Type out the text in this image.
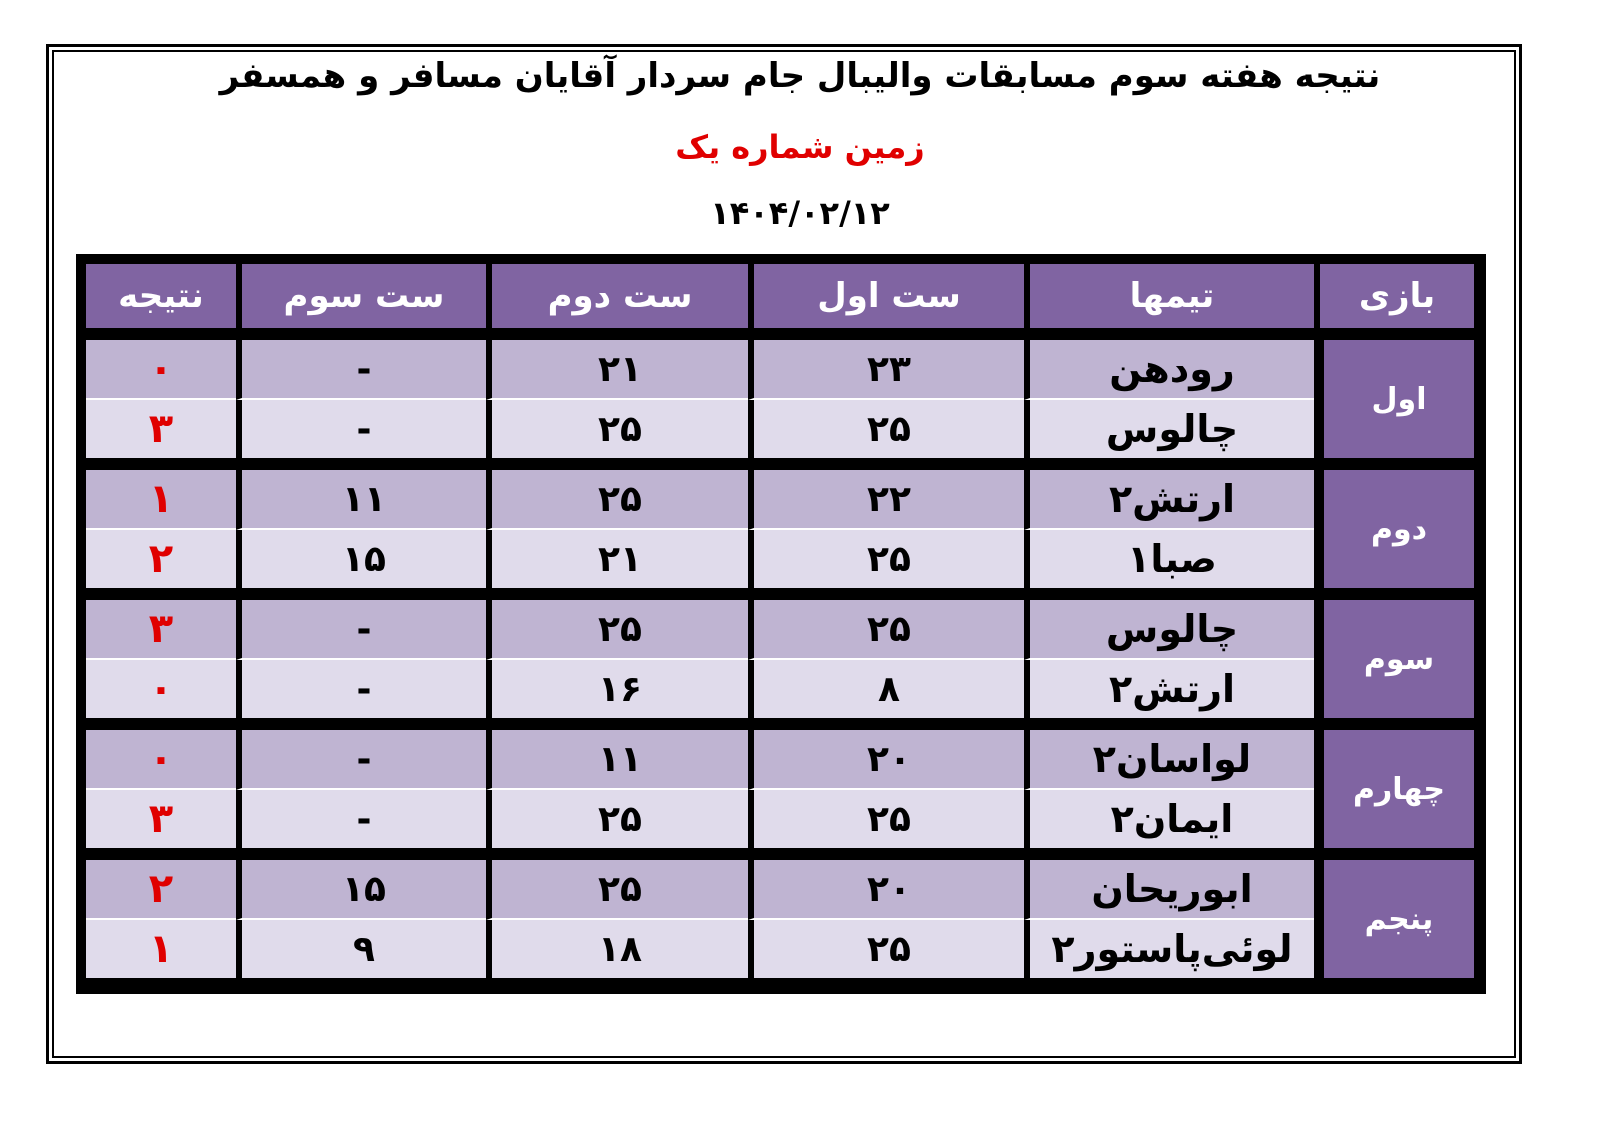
نتیجه هفته سوم مسابقات والیبال جام سردار آقایان مسافر و همسفر
زمین شماره یک
۱۴۰۴/۰۲/۱۲
بازی	تیمها	ست اول	ست دوم	ست سوم	نتیجه

اول	رودهن	۲۳	۲۱	-	۰
	چالوس	۲۵	۲۵	-	۳

دوم	ارتش۲	۲۲	۲۵	۱۱	۱
	صبا۱	۲۵	۲۱	۱۵	۲

سوم	چالوس	۲۵	۲۵	-	۳
	ارتش۲	۸	۱۶	-	۰

چهارم	لواسان۲	۲۰	۱۱	-	۰
	ایمان۲	۲۵	۲۵	-	۳

پنجم	ابوریحان	۲۰	۲۵	۱۵	۲
	لوئی‌پاستور۲	۲۵	۱۸	۹	۱
